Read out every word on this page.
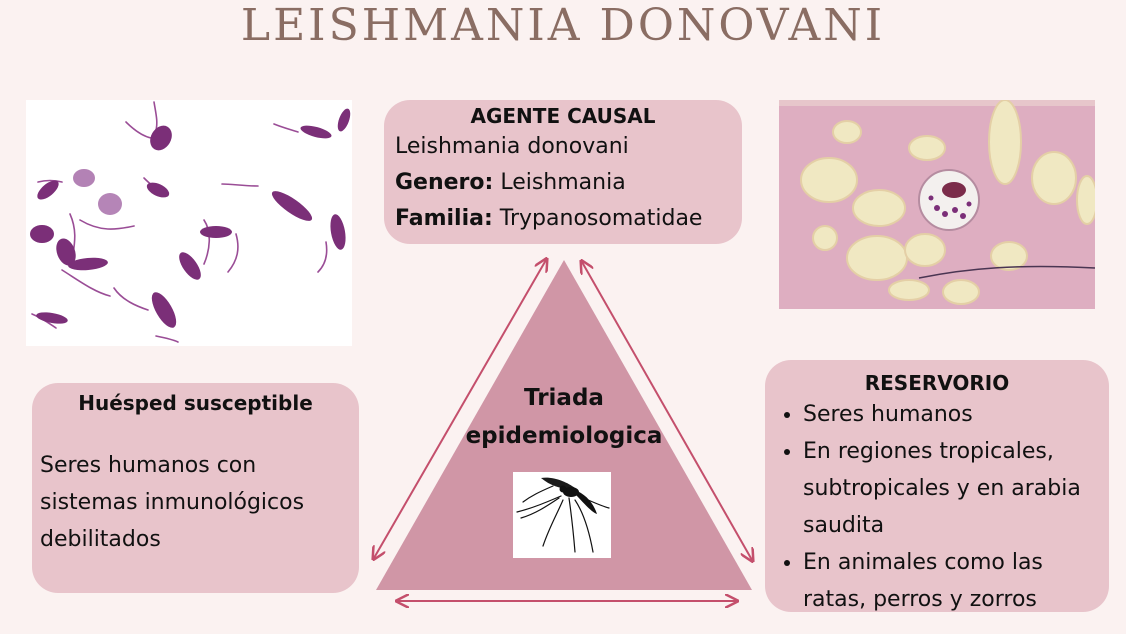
LEISHMANIA DONOVANI
AGENTE CAUSAL
Leishmania donovani
Genero: Leishmania
Familia: Trypanosomatidae
Huésped susceptible
Seres humanos con sistemas inmunológicos debilitados
RESERVORIO
• Seres humanos
• En regiones tropicales, subtropicales y en arabia saudita
• En animales como las ratas, perros y zorros
Triada
epidemiologica
